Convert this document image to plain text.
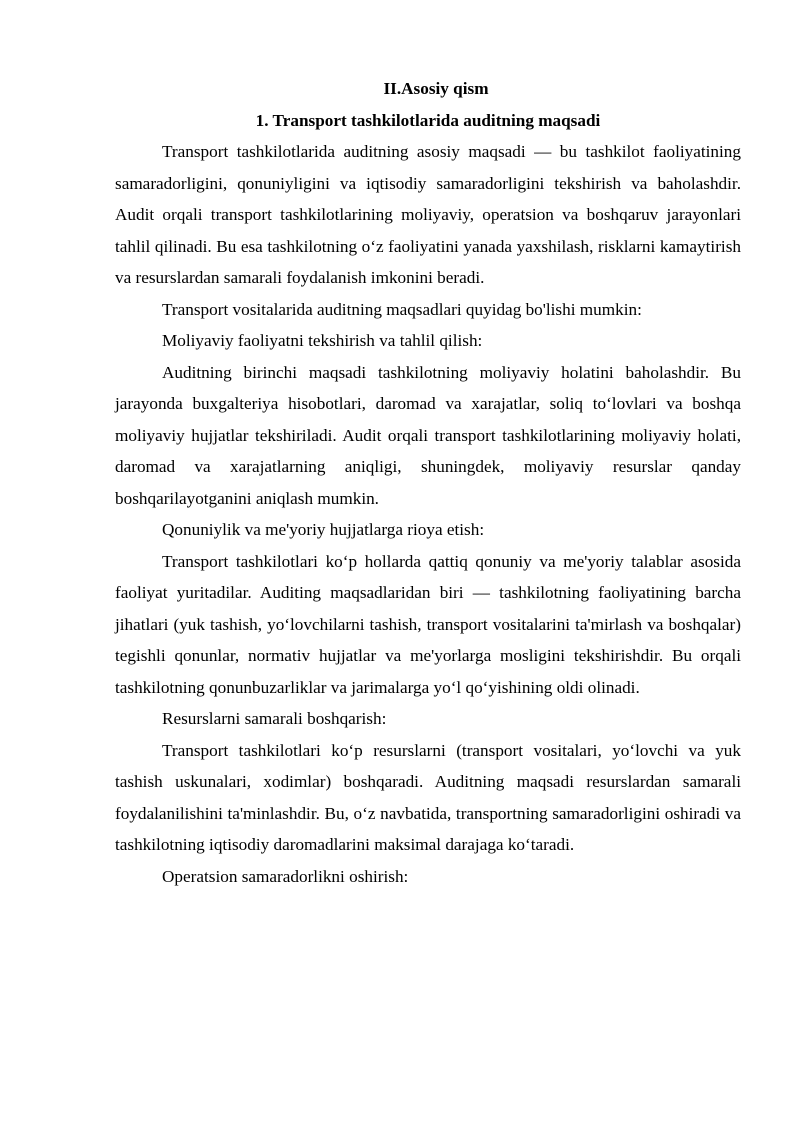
II.Asosiy qism

1. Transport tashkilotlarida auditning maqsadi

Transport tashkilotlarida auditning asosiy maqsadi — bu tashkilot faoliyatining samaradorligini, qonuniyligini va iqtisodiy samaradorligini tekshirish va baholashdir. Audit orqali transport tashkilotlarining moliyaviy, operatsion va boshqaruv jarayonlari tahlil qilinadi. Bu esa tashkilotning o‘z faoliyatini yanada yaxshilash, risklarni kamaytirish va resurslardan samarali foydalanish imkonini beradi.

Transport vositalarida auditning maqsadlari quyidag bo'lishi mumkin:

Moliyaviy faoliyatni tekshirish va tahlil qilish:

Auditning birinchi maqsadi tashkilotning moliyaviy holatini baholashdir. Bu jarayonda buxgalteriya hisobotlari, daromad va xarajatlar, soliq to‘lovlari va boshqa moliyaviy hujjatlar tekshiriladi. Audit orqali transport tashkilotlarining moliyaviy holati, daromad va xarajatlarning aniqligi, shuningdek, moliyaviy resurslar qanday boshqarilayotganini aniqlash mumkin.

Qonuniylik va me'yoriy hujjatlarga rioya etish:

Transport tashkilotlari ko‘p hollarda qattiq qonuniy va me'yoriy talablar asosida faoliyat yuritadilar. Auditing maqsadlaridan biri — tashkilotning faoliyatining barcha jihatlari (yuk tashish, yo‘lovchilarni tashish, transport vositalarini ta'mirlash va boshqalar) tegishli qonunlar, normativ hujjatlar va me'yorlarga mosligini tekshirishdir. Bu orqali tashkilotning qonunbuzarliklar va jarimalarga yo‘l qo‘yishining oldi olinadi.

Resurslarni samarali boshqarish:

Transport tashkilotlari ko‘p resurslarni (transport vositalari, yo‘lovchi va yuk tashish uskunalari, xodimlar) boshqaradi. Auditning maqsadi resurslardan samarali foydalanilishini ta'minlashdir. Bu, o‘z navbatida, transportning samaradorligini oshiradi va tashkilotning iqtisodiy daromadlarini maksimal darajaga ko‘taradi.

Operatsion samaradorlikni oshirish:
